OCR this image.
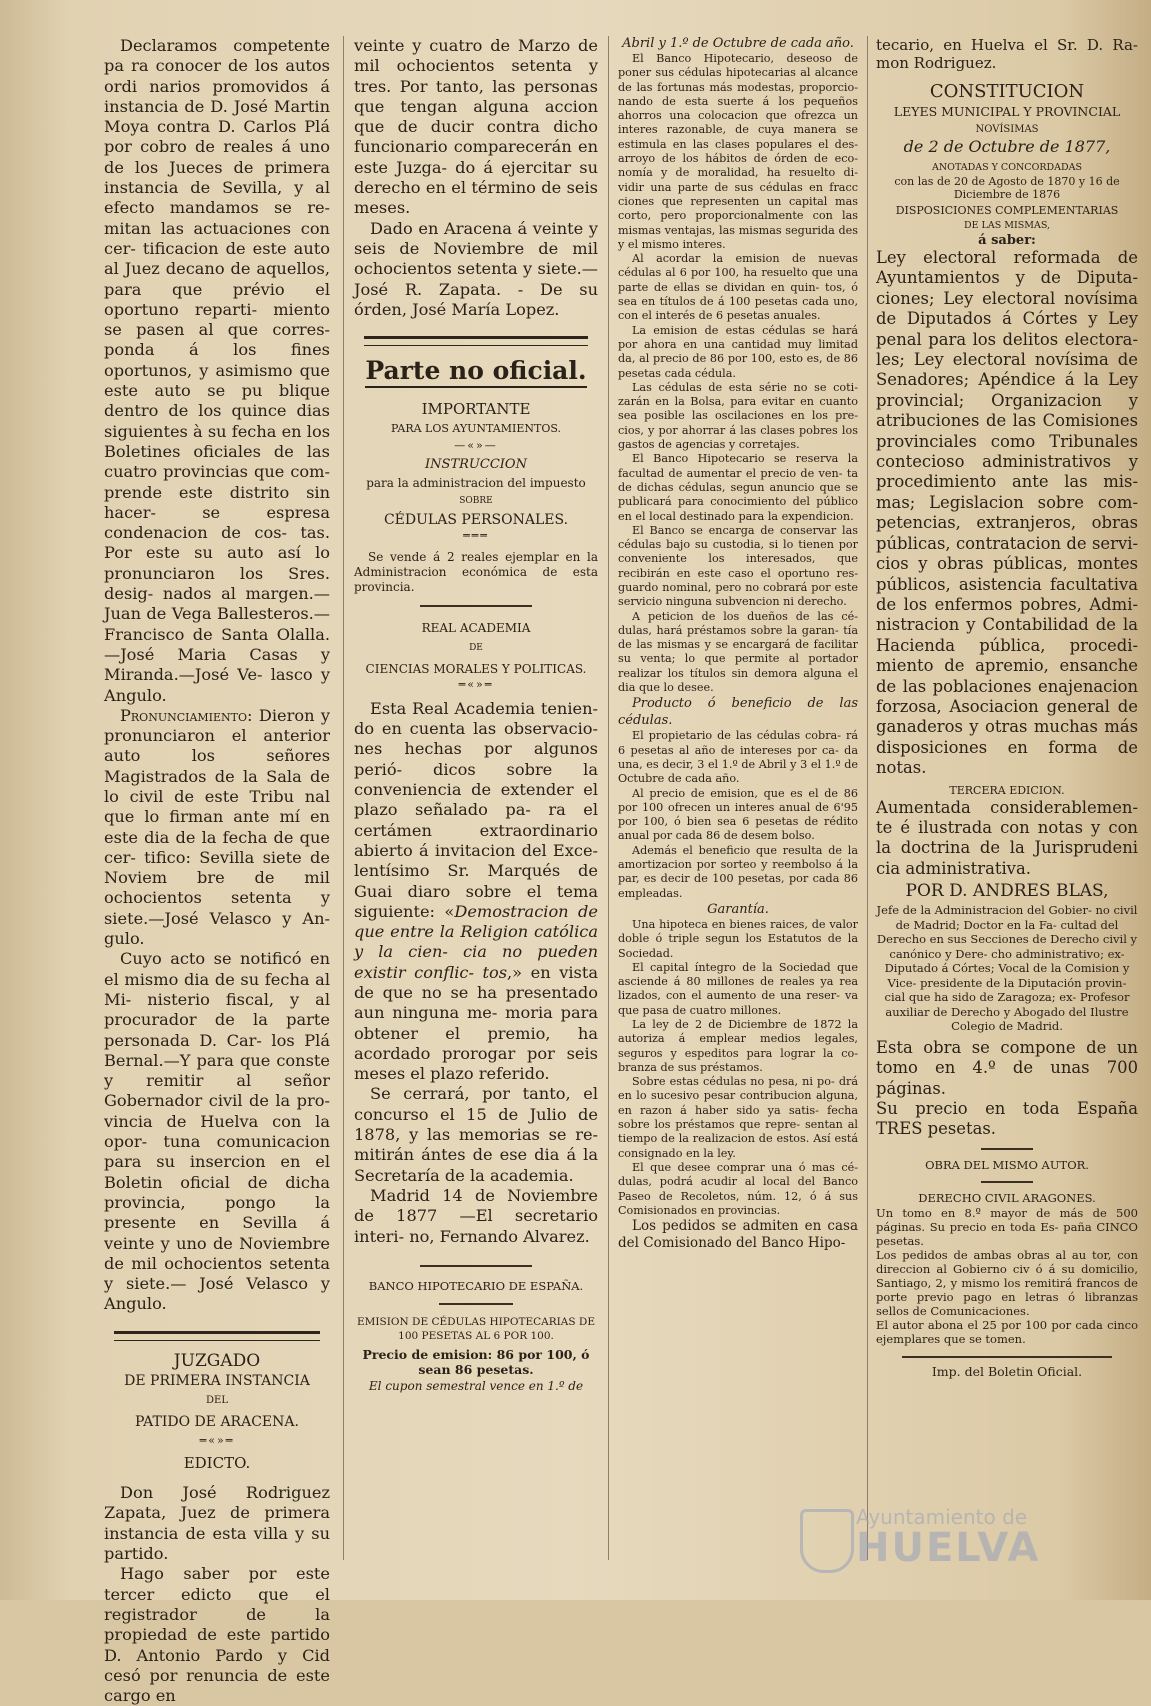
Declaramos competente pa ra conocer de los autos ordi narios promovidos á instancia de D. José Martin Moya contra D. Carlos Plá por cobro de reales á uno de los Jueces de primera instancia de Sevilla, y al efecto mandamos se re- mitan las actuaciones con cer- tificacion de este auto al Juez decano de aquellos, para que prévio el oportuno reparti- miento se pasen al que corres- ponda á los fines oportunos, y asimismo que este auto se pu blique dentro de los quince dias siguientes à su fecha en los Boletines oficiales de las cuatro provincias que com- prende este distrito sin hacer- se espresa condenacion de cos- tas. Por este su auto así lo pronunciaron los Sres. desig- nados al margen.—Juan de Vega Ballesteros.—Francisco de Santa Olalla.—José Maria Casas y Miranda.—José Ve- lasco y Angulo.

Pronunciamiento: Dieron y pronunciaron el anterior auto los señores Magistrados de la Sala de lo civil de este Tribu nal que lo firman ante mí en este dia de la fecha de que cer- tifico: Sevilla siete de Noviem bre de mil ochocientos setenta y siete.—José Velasco y An- gulo.

Cuyo acto se notificó en el mismo dia de su fecha al Mi- nisterio fiscal, y al procurador de la parte personada D. Car- los Plá Bernal.—Y para que conste y remitir al señor Gobernador civil de la pro- vincia de Huelva con la opor- tuna comunicacion para su insercion en el Boletin oficial de dicha provincia, pongo la presente en Sevilla á veinte y uno de Noviembre de mil ochocientos setenta y siete.— José Velasco y Angulo.

JUZGADO

DE PRIMERA INSTANCIA

DEL

PATIDO DE ARACENA.

═«»═

EDICTO.

Don José Rodriguez Zapata, Juez de primera instancia de esta villa y su partido.

Hago saber por este tercer edicto que el registrador de la propiedad de este partido D. Antonio Pardo y Cid cesó por renuncia de este cargo en

veinte y cuatro de Marzo de mil ochocientos setenta y tres. Por tanto, las personas que tengan alguna accion que de ducir contra dicho funcionario comparecerán en este Juzga- do á ejercitar su derecho en el término de seis meses.

Dado en Aracena á veinte y seis de Noviembre de mil ochocientos setenta y siete.— José R. Zapata. - De su órden, José María Lopez.

Parte no oficial.

IMPORTANTE

PARA LOS AYUNTAMIENTOS.

—«»—

INSTRUCCION

para la administracion del impuesto

SOBRE

CÉDULAS PERSONALES.

═══

Se vende á 2 reales ejemplar en la Administracion económica de esta provincia.

REAL ACADEMIA

DE

CIENCIAS MORALES Y POLITICAS.

═«»═

Esta Real Academia tenien- do en cuenta las observacio- nes hechas por algunos perió- dicos sobre la conveniencia de extender el plazo señalado pa- ra el certámen extraordinario abierto á invitacion del Exce- lentísimo Sr. Marqués de Guai diaro sobre el tema siguiente: «Demostracion de que entre la Religion católica y la cien- cia no pueden existir conflic- tos,» en vista de que no se ha presentado aun ninguna me- moria para obtener el premio, ha acordado prorogar por seis meses el plazo referido.

Se cerrará, por tanto, el concurso el 15 de Julio de 1878, y las memorias se re- mitirán ántes de ese dia á la Secretaría de la academia.

Madrid 14 de Noviembre de 1877 —El secretario interi- no, Fernando Alvarez.

BANCO HIPOTECARIO DE ESPAÑA.

EMISION DE CÉDULAS HIPOTECARIAS DE 100 PESETAS AL 6 POR 100.

Precio de emision: 86 por 100, ó sean 86 pesetas.

El cupon semestral vence en 1.º de

Abril y 1.º de Octubre de cada año.

El Banco Hipotecario, deseoso de poner sus cédulas hipotecarias al alcance de las fortunas más modestas, proporcio- nando de esta suerte á los pequeños ahorros una colocacion que ofrezca un interes razonable, de cuya manera se estimula en las clases populares el des- arroyo de los hábitos de órden de eco- nomía y de moralidad, ha resuelto di- vidir una parte de sus cédulas en fracc ciones que representen un capital mas corto, pero proporcionalmente con las mismas ventajas, las mismas segurida des y el mismo interes.

Al acordar la emision de nuevas cédulas al 6 por 100, ha resuelto que una parte de ellas se dividan en quin- tos, ó sea en títulos de á 100 pesetas cada uno, con el interés de 6 pesetas anuales.

La emision de estas cédulas se hará por ahora en una cantidad muy limitad da, al precio de 86 por 100, esto es, de 86 pesetas cada cédula.

Las cédulas de esta série no se coti- zarán en la Bolsa, para evitar en cuanto sea posible las oscilaciones en los pre- cios, y por ahorrar á las clases pobres los gastos de agencias y corretajes.

El Banco Hipotecario se reserva la facultad de aumentar el precio de ven- ta de dichas cédulas, segun anuncio que se publicará para conocimiento del público en el local destinado para la expendicion.

El Banco se encarga de conservar las cédulas bajo su custodia, si lo tienen por conveniente los interesados, que recibirán en este caso el oportuno res- guardo nominal, pero no cobrará por este servicio ninguna subvencion ni derecho.

A peticion de los dueños de las cé- dulas, hará préstamos sobre la garan- tía de las mismas y se encargará de facilitar su venta; lo que permite al portador realizar los títulos sin demora alguna el dia que lo desee.

Producto ó beneficio de las cédulas.

El propietario de las cédulas cobra- rá 6 pesetas al año de intereses por ca- da una, es decir, 3 el 1.º de Abril y 3 el 1.º de Octubre de cada año.

Al precio de emision, que es el de 86 por 100 ofrecen un interes anual de 6'95 por 100, ó bien sea 6 pesetas de rédito anual por cada 86 de desem bolso.

Además el beneficio que resulta de la amortizacion por sorteo y reembolso á la par, es decir de 100 pesetas, por cada 86 empleadas.

Garantía.

Una hipoteca en bienes raices, de valor doble ó triple segun los Estatutos de la Sociedad.

El capital íntegro de la Sociedad que asciende á 80 millones de reales ya rea lizados, con el aumento de una reser- va que pasa de cuatro millones.

La ley de 2 de Diciembre de 1872 la autoriza á emplear medios legales, seguros y espeditos para lograr la co- branza de sus préstamos.

Sobre estas cédulas no pesa, ni po- drá en lo sucesivo pesar contribucion alguna, en razon á haber sido ya satis- fecha sobre los préstamos que repre- sentan al tiempo de la realizacion de estos. Así está consignado en la ley.

El que desee comprar una ó mas cé- dulas, podrá acudir al local del Banco Paseo de Recoletos, núm. 12, ó á sus Comisionados en provincias.

Los pedidos se admiten en casa del Comisionado del Banco Hipo-

tecario, en Huelva el Sr. D. Ra- mon Rodriguez.

CONSTITUCION

LEYES MUNICIPAL Y PROVINCIAL

NOVÍSIMAS

de 2 de Octubre de 1877,

ANOTADAS Y CONCORDADAS

con las de 20 de Agosto de 1870 y 16 de Diciembre de 1876

DISPOSICIONES COMPLEMENTARIAS

DE LAS MISMAS,

á saber:

Ley electoral reformada de Ayuntamientos y de Diputa- ciones; Ley electoral novísima de Diputados á Córtes y Ley penal para los delitos electora- les; Ley electoral novísima de Senadores; Apéndice á la Ley provincial; Organizacion y atribuciones de las Comisiones provinciales como Tribunales contecioso administrativos y procedimiento ante las mis- mas; Legislacion sobre com- petencias, extranjeros, obras públicas, contratacion de servi- cios y obras públicas, montes públicos, asistencia facultativa de los enfermos pobres, Admi- nistracion y Contabilidad de la Hacienda pública, procedi- miento de apremio, ensanche de las poblaciones enajenacion forzosa, Asociacion general de ganaderos y otras muchas más disposiciones en forma de notas.

TERCERA EDICION.

Aumentada considerablemen- te é ilustrada con notas y con la doctrina de la Jurisprudeni cia administrativa.

POR D. ANDRES BLAS,

Jefe de la Administracion del Gobier- no civil de Madrid; Doctor en la Fa- cultad del Derecho en sus Secciones de Derecho civil y canónico y Dere- cho administrativo; ex-Diputado á Córtes; Vocal de la Comision y Vice- presidente de la Diputación provin- cial que ha sido de Zaragoza; ex- Profesor auxiliar de Derecho y Abogado del Ilustre Colegio de Madrid.

Esta obra se compone de un tomo en 4.º de unas 700 páginas.

Su precio en toda España TRES pesetas.

OBRA DEL MISMO AUTOR.

DERECHO CIVIL ARAGONES.

Un tomo en 8.º mayor de más de 500 páginas. Su precio en toda Es- paña CINCO pesetas.

Los pedidos de ambas obras al au tor, con direccion al Gobierno civ ó á su domicilio, Santiago, 2, y mismo los remitirá francos de porte previo pago en letras ó libranzas sellos de Comunicaciones.

El autor abona el 25 por 100 por cada cinco ejemplares que se tomen.

Imp. del Boletin Oficial.

Ayuntamiento de
HUELVA
